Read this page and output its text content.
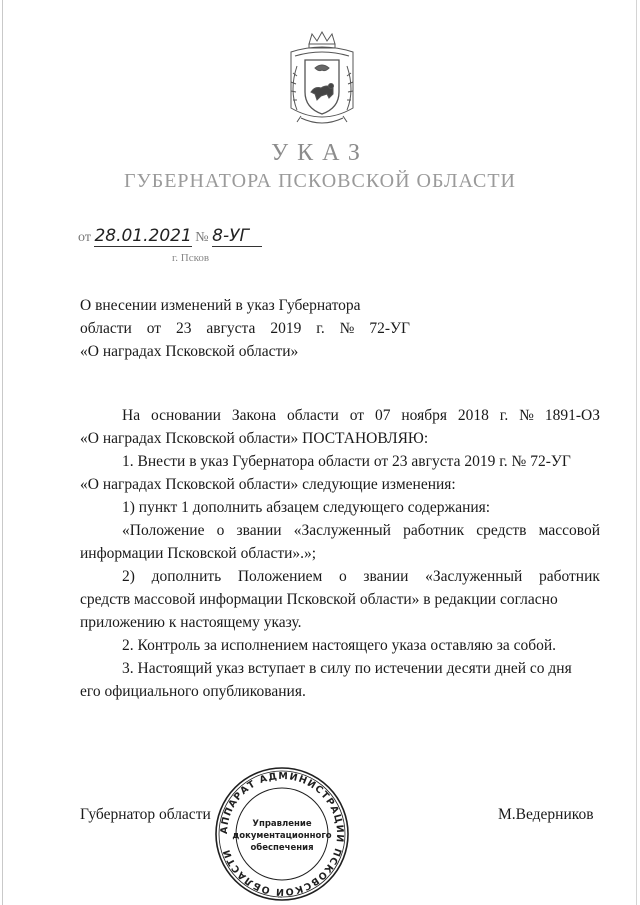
УКАЗ
ГУБЕРНАТОРА ПСКОВСКОЙ ОБЛАСТИ
от 28.01.2021 № 8-УГ
г. Псков
О внесении изменений в указ Губернатора
области от 23 августа 2019 г. № 72-УГ
«О наградах Псковской области»
На основании Закона области от 07 ноября 2018 г. № 1891-ОЗ
«О наградах Псковской области» ПОСТАНОВЛЯЮ:
1. Внести в указ Губернатора области от 23 августа 2019 г. № 72-УГ
«О наградах Псковской области» следующие изменения:
1) пункт 1 дополнить абзацем следующего содержания:
«Положение о звании «Заслуженный работник средств массовой
информации Псковской области».»;
2) дополнить Положением о звании «Заслуженный работник
средств массовой информации Псковской области» в редакции согласно
приложению к настоящему указу.
2. Контроль за исполнением настоящего указа оставляю за собой.
3. Настоящий указ вступает в силу по истечении десяти дней со дня
его официального опубликования.
Губернатор области	М.Ведерников
АППАРАТ АДМИНИСТРАЦИИ ПСКОВСКОЙ ОБЛАСТИ
Управление
документационного
обеспечения
